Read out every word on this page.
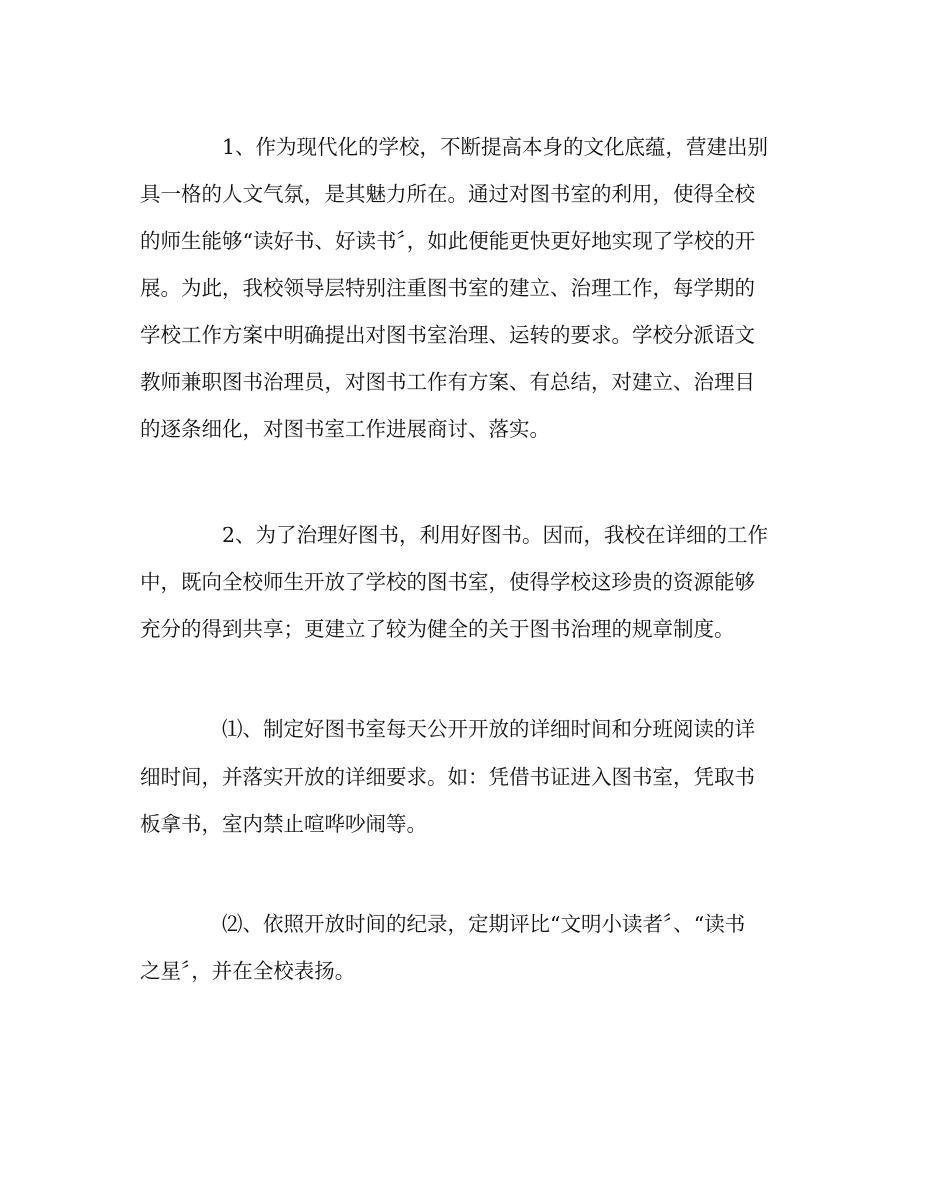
1、作为现代化的学校，不断提高本身的文化底蕴，营建出别

具一格的人文气氛，是其魅力所在。通过对图书室的利用，使得全校

的师生能够“读好书、好读书〞，如此便能更快更好地实现了学校的开

展。为此，我校领导层特别注重图书室的建立、治理工作，每学期的

学校工作方案中明确提出对图书室治理、运转的要求。学校分派语文

教师兼职图书治理员，对图书工作有方案、有总结，对建立、治理目

的逐条细化，对图书室工作进展商讨、落实。

2、为了治理好图书，利用好图书。因而，我校在详细的工作

中，既向全校师生开放了学校的图书室，使得学校这珍贵的资源能够

充分的得到共享；更建立了较为健全的关于图书治理的规章制度。

⑴、制定好图书室每天公开开放的详细时间和分班阅读的详

细时间，并落实开放的详细要求。如：凭借书证进入图书室，凭取书

板拿书，室内禁止喧哗吵闹等。

⑵、依照开放时间的纪录，定期评比“文明小读者〞、“读书

之星〞，并在全校表扬。
